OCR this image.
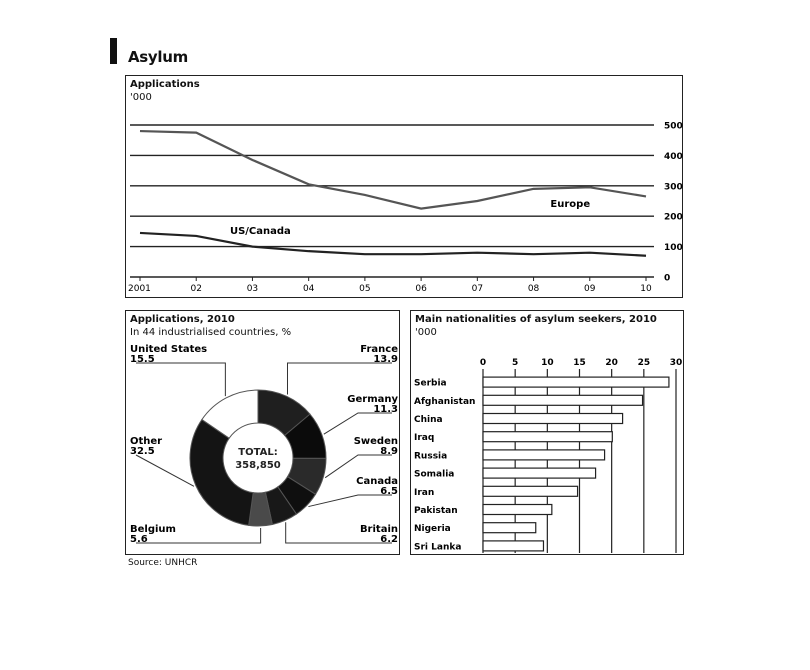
Asylum
Applications
'000
500
400
300
200
100
0
2001	02	03	04	05	06	07	08	09	10
Europe
US/Canada
Applications, 2010
In 44 industrialised countries, %
TOTAL:
358,850
France
13.9
Germany
11.3
Sweden
8.9
Canada
6.5
Britain
6.2
Belgium
5.6
Other
32.5
United States
15.5
Main nationalities of asylum seekers, 2010
'000
0	5	10 15 20 25 30
Serbia
Afghanistan
China
Iraq
Russia
Somalia
Iran
Pakistan
Nigeria
Sri Lanka
Source: UNHCR
